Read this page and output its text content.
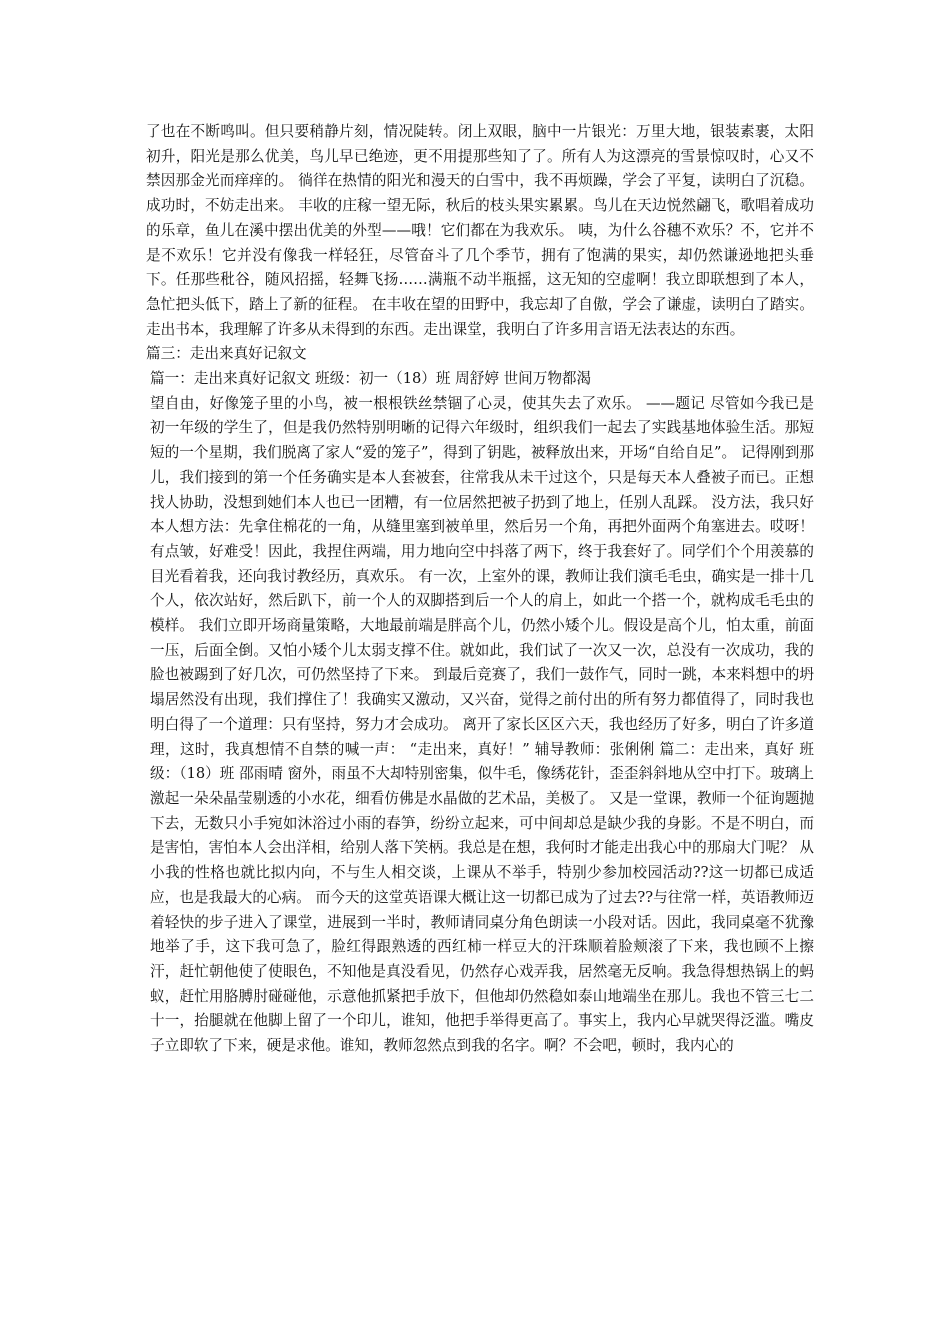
了也在不断鸣叫。但只要稍静片刻，情况陡转。闭上双眼，脑中一片银光：万里大地，银装素裹，太阳初升，阳光是那么优美，鸟儿早已绝迹，更不用提那些知了了。所有人为这漂亮的雪景惊叹时，心又不禁因那金光而痒痒的。 徜徉在热情的阳光和漫天的白雪中，我不再烦躁，学会了平复，读明白了沉稳。 成功时，不妨走出来。 丰收的庄稼一望无际，秋后的枝头果实累累。鸟儿在天边悦然翩飞，歌唱着成功的乐章，鱼儿在溪中摆出优美的外型——哦！它们都在为我欢乐。 咦，为什么谷穗不欢乐？不，它并不是不欢乐！它并没有像我一样轻狂，尽管奋斗了几个季节，拥有了饱满的果实，却仍然谦逊地把头垂下。任那些秕谷，随风招摇，轻舞飞扬……满瓶不动半瓶摇，这无知的空虚啊！我立即联想到了本人，急忙把头低下，踏上了新的征程。 在丰收在望的田野中，我忘却了自傲，学会了谦虚，读明白了踏实。 走出书本，我理解了许多从未得到的东西。走出课堂，我明白了许多用言语无法表达的东西。

篇三：走出来真好记叙文

篇一：走出来真好记叙文 班级：初一（18）班 周舒婷 世间万物都渴

望自由，好像笼子里的小鸟，被一根根铁丝禁锢了心灵，使其失去了欢乐。 ——题记 尽管如今我已是初一年级的学生了，但是我仍然特别明晰的记得六年级时，组织我们一起去了实践基地体验生活。那短短的一个星期，我们脱离了家人“爱的笼子”，得到了钥匙，被释放出来，开场“自给自足”。 记得刚到那儿，我们接到的第一个任务确实是本人套被套，往常我从未干过这个，只是每天本人叠被子而已。正想找人协助，没想到她们本人也已一团糟，有一位居然把被子扔到了地上，任别人乱踩。 没方法，我只好本人想方法：先拿住棉花的一角，从缝里塞到被单里，然后另一个角，再把外面两个角塞进去。哎呀！有点皱，好难受！因此，我捏住两端，用力地向空中抖落了两下，终于我套好了。同学们个个用羡慕的目光看着我，还向我讨教经历，真欢乐。 有一次，上室外的课，教师让我们演毛毛虫，确实是一排十几个人，依次站好，然后趴下，前一个人的双脚搭到后一个人的肩上，如此一个搭一个，就构成毛毛虫的模样。 我们立即开场商量策略，大地最前端是胖高个儿，仍然小矮个儿。假设是高个儿，怕太重，前面一压，后面全倒。又怕小矮个儿太弱支撑不住。就如此，我们试了一次又一次，总没有一次成功，我的脸也被踢到了好几次，可仍然坚持了下来。 到最后竞赛了，我们一鼓作气，同时一跳，本来料想中的坍塌居然没有出现，我们撑住了！我确实又激动，又兴奋，觉得之前付出的所有努力都值得了，同时我也明白得了一个道理：只有坚持，努力才会成功。 离开了家长区区六天，我也经历了好多，明白了许多道理，这时，我真想情不自禁的喊一声： “走出来，真好！” 辅导教师：张俐俐 篇二：走出来，真好 班级：（18）班 邵雨晴 窗外，雨虽不大却特别密集，似牛毛，像绣花针，歪歪斜斜地从空中打下。玻璃上激起一朵朵晶莹剔透的小水花，细看仿佛是水晶做的艺术品，美极了。 又是一堂课，教师一个征询题抛下去，无数只小手宛如沐浴过小雨的春笋，纷纷立起来，可中间却总是缺少我的身影。不是不明白，而是害怕，害怕本人会出洋相，给别人落下笑柄。我总是在想，我何时才能走出我心中的那扇大门呢？ 从小我的性格也就比拟内向，不与生人相交谈，上课从不举手，特别少参加校园活动??这一切都已成适应，也是我最大的心病。 而今天的这堂英语课大概让这一切都已成为了过去??与往常一样，英语教师迈着轻快的步子进入了课堂，进展到一半时，教师请同桌分角色朗读一小段对话。因此，我同桌毫不犹豫地举了手，这下我可急了，脸红得跟熟透的西红柿一样豆大的汗珠顺着脸颊滚了下来，我也顾不上擦汗，赶忙朝他使了使眼色，不知他是真没看见，仍然存心戏弄我，居然毫无反响。我急得想热锅上的蚂蚁，赶忙用胳膊肘碰碰他，示意他抓紧把手放下，但他却仍然稳如泰山地端坐在那儿。我也不管三七二十一，抬腿就在他脚上留了一个印儿，谁知，他把手举得更高了。事实上，我内心早就哭得泛滥。嘴皮子立即软了下来，硬是求他。谁知，教师忽然点到我的名字。啊？不会吧，顿时，我内心的
